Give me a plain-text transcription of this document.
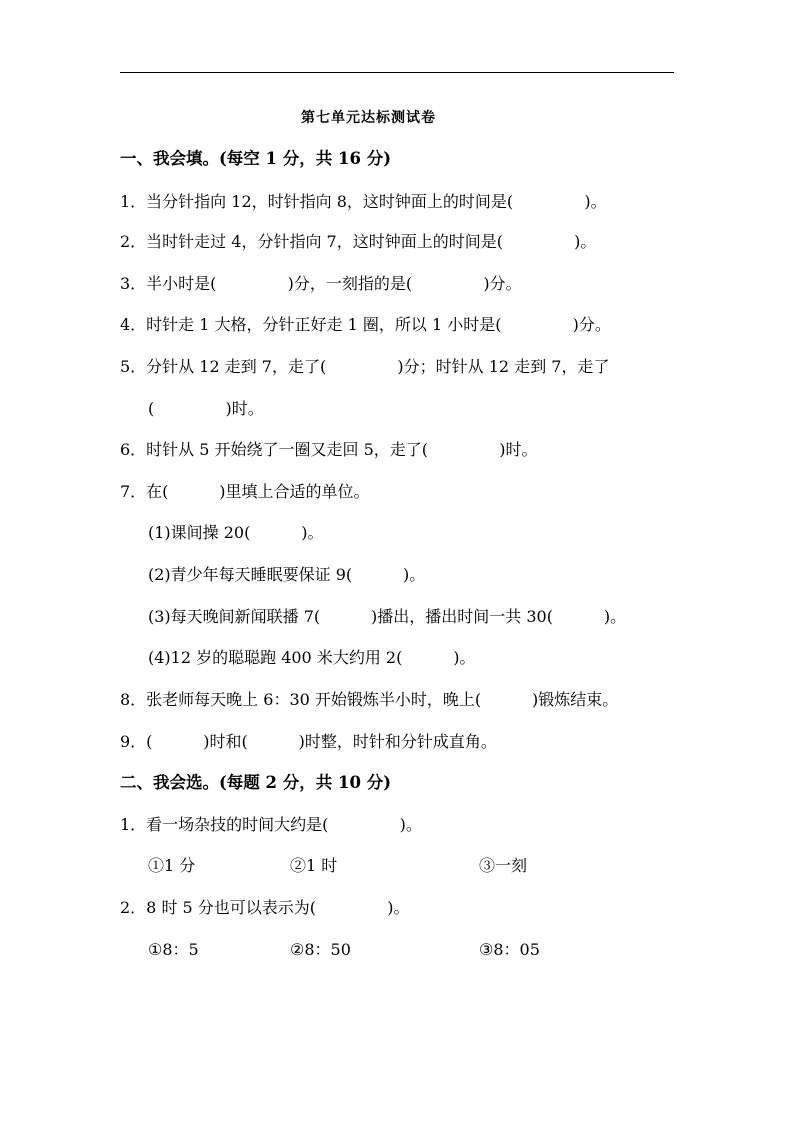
第七单元达标测试卷
一、我会填。(每空 1 分，共 16 分)
1．当分针指向 12，时针指向 8，这时钟面上的时间是(              )。
2．当时针走过 4，分针指向 7，这时钟面上的时间是(              )。
3．半小时是(              )分，一刻指的是(              )分。
4．时针走 1 大格，分针正好走 1 圈，所以 1 小时是(              )分。
5．分针从 12 走到 7，走了(              )分；时针从 12 走到 7，走了
(              )时。
6．时针从 5 开始绕了一圈又走回 5，走了(              )时。
7．在(          )里填上合适的单位。
(1)课间操 20(          )。
(2)青少年每天睡眠要保证 9(          )。
(3)每天晚间新闻联播 7(          )播出，播出时间一共 30(          )。
(4)12 岁的聪聪跑 400 米大约用 2(          )。
8．张老师每天晚上 6：30 开始锻炼半小时，晚上(          )锻炼结束。
9．(          )时和(          )时整，时针和分针成直角。
二、我会选。(每题 2 分，共 10 分)
1．看一场杂技的时间大约是(              )。
①1 分	②1 时	③一刻
2．8 时 5 分也可以表示为(              )。
①8：5	②8：50	③8：05
